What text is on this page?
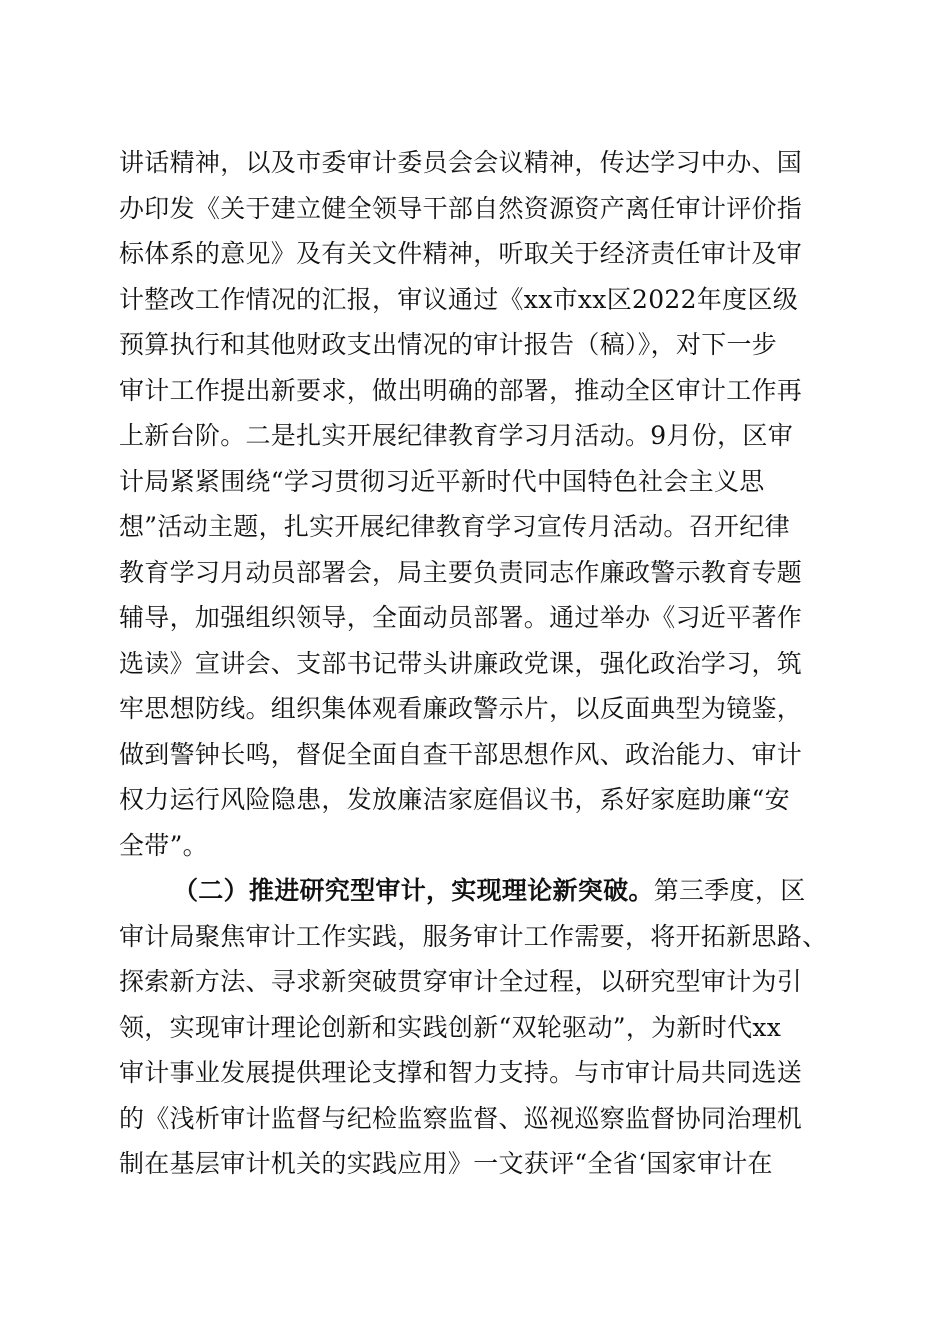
讲话精神，以及市委审计委员会会议精神，传达学习中办、国
办印发《关于建立健全领导干部自然资源资产离任审计评价指
标体系的意见》及有关文件精神，听取关于经济责任审计及审
计整改工作情况的汇报，审议通过《xx市xx区2022年度区级
预算执行和其他财政支出情况的审计报告（稿）》，对下一步
审计工作提出新要求，做出明确的部署，推动全区审计工作再
上新台阶。二是扎实开展纪律教育学习月活动。9月份，区审
计局紧紧围绕“学习贯彻习近平新时代中国特色社会主义思
想”活动主题，扎实开展纪律教育学习宣传月活动。召开纪律
教育学习月动员部署会，局主要负责同志作廉政警示教育专题
辅导，加强组织领导，全面动员部署。通过举办《习近平著作
选读》宣讲会、支部书记带头讲廉政党课，强化政治学习，筑
牢思想防线。组织集体观看廉政警示片，以反面典型为镜鉴，
做到警钟长鸣，督促全面自查干部思想作风、政治能力、审计
权力运行风险隐患，发放廉洁家庭倡议书，系好家庭助廉“安
全带”。
（二）推进研究型审计，实现理论新突破。第三季度，区
审计局聚焦审计工作实践，服务审计工作需要，将开拓新思路、
探索新方法、寻求新突破贯穿审计全过程，以研究型审计为引
领，实现审计理论创新和实践创新“双轮驱动”，为新时代xx
审计事业发展提供理论支撑和智力支持。与市审计局共同选送
的《浅析审计监督与纪检监察监督、巡视巡察监督协同治理机
制在基层审计机关的实践应用》一文获评“全省‘国家审计在
